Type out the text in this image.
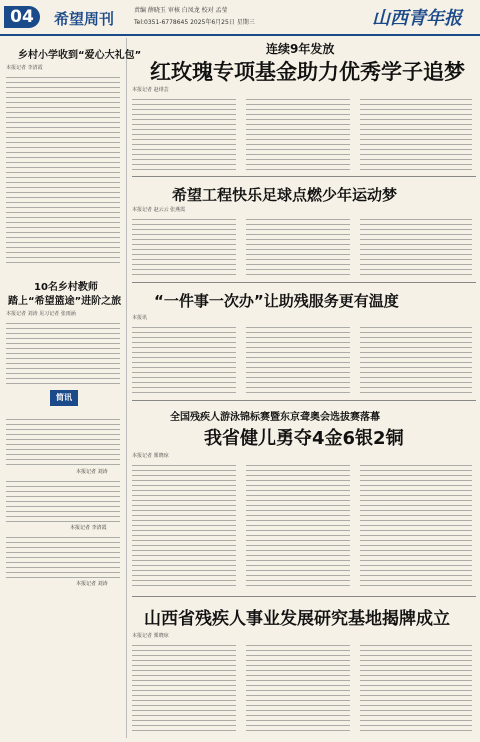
04	希望周刊	责编 薛晓玉 审核 白凤龙 校对 孟莹
Tel:0351-6778645 2025年6月25日 星期三	山西青年报
乡村小学收到“爱心大礼包”
本报记者 李清霞
10名乡村教师
踏上“希望篮途”进阶之旅
本报记者 刘涛 见习记者 张雨涵
简讯
本报记者 刘涛
本报记者 李清霞
本报记者 刘涛
连续9年发放
红玫瑰专项基金助力优秀学子追梦
本报记者 赵绯芸
希望工程快乐足球点燃少年运动梦
本报记者 赵云云 张燕霞
“一件事一次办”让助残服务更有温度
本报讯
全国残疾人游泳锦标赛暨东京聋奥会选拔赛落幕
我省健儿勇夺4金6银2铜
本报记者 栗晓琼
山西省残疾人事业发展研究基地揭牌成立
本报记者 栗晓琼
